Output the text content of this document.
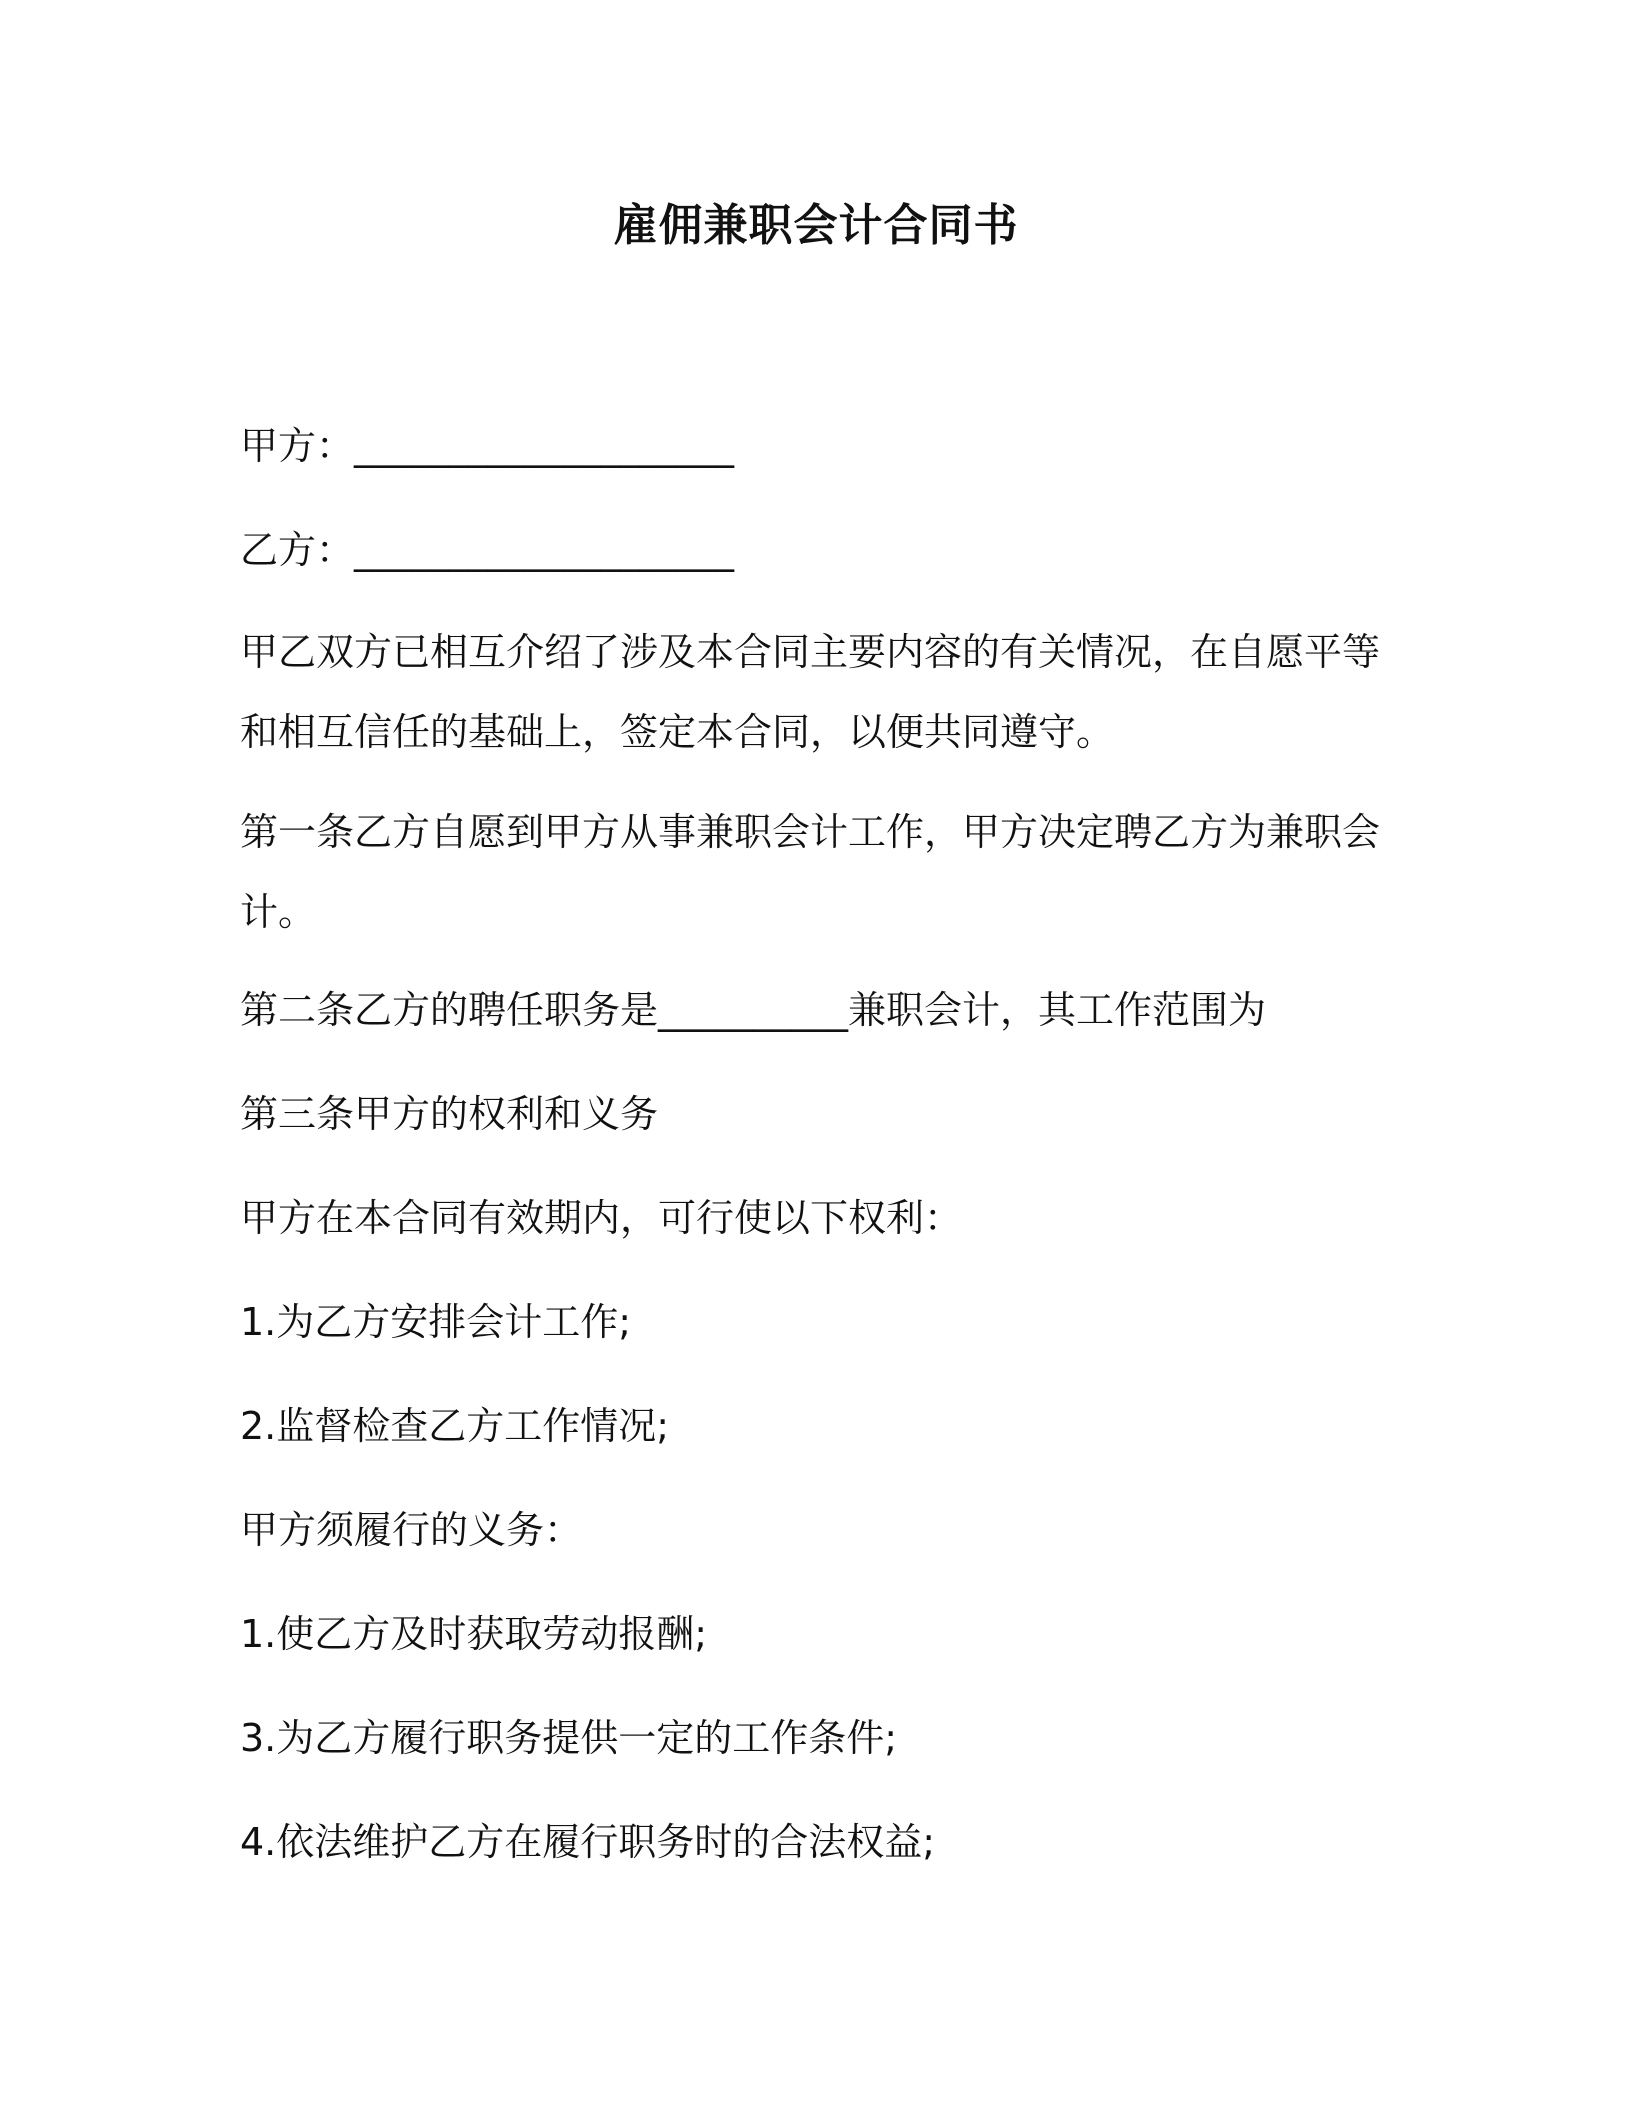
雇佣兼职会计合同书

甲方：____________________

乙方：____________________

甲乙双方已相互介绍了涉及本合同主要内容的有关情况，在自愿平等

和相互信任的基础上，签定本合同，以便共同遵守。

第一条乙方自愿到甲方从事兼职会计工作，甲方决定聘乙方为兼职会

计。

第二条乙方的聘任职务是__________兼职会计，其工作范围为

第三条甲方的权利和义务

甲方在本合同有效期内，可行使以下权利：

1.为乙方安排会计工作;

2.监督检查乙方工作情况;

甲方须履行的义务：

1.使乙方及时获取劳动报酬;

3.为乙方履行职务提供一定的工作条件;

4.依法维护乙方在履行职务时的合法权益;
